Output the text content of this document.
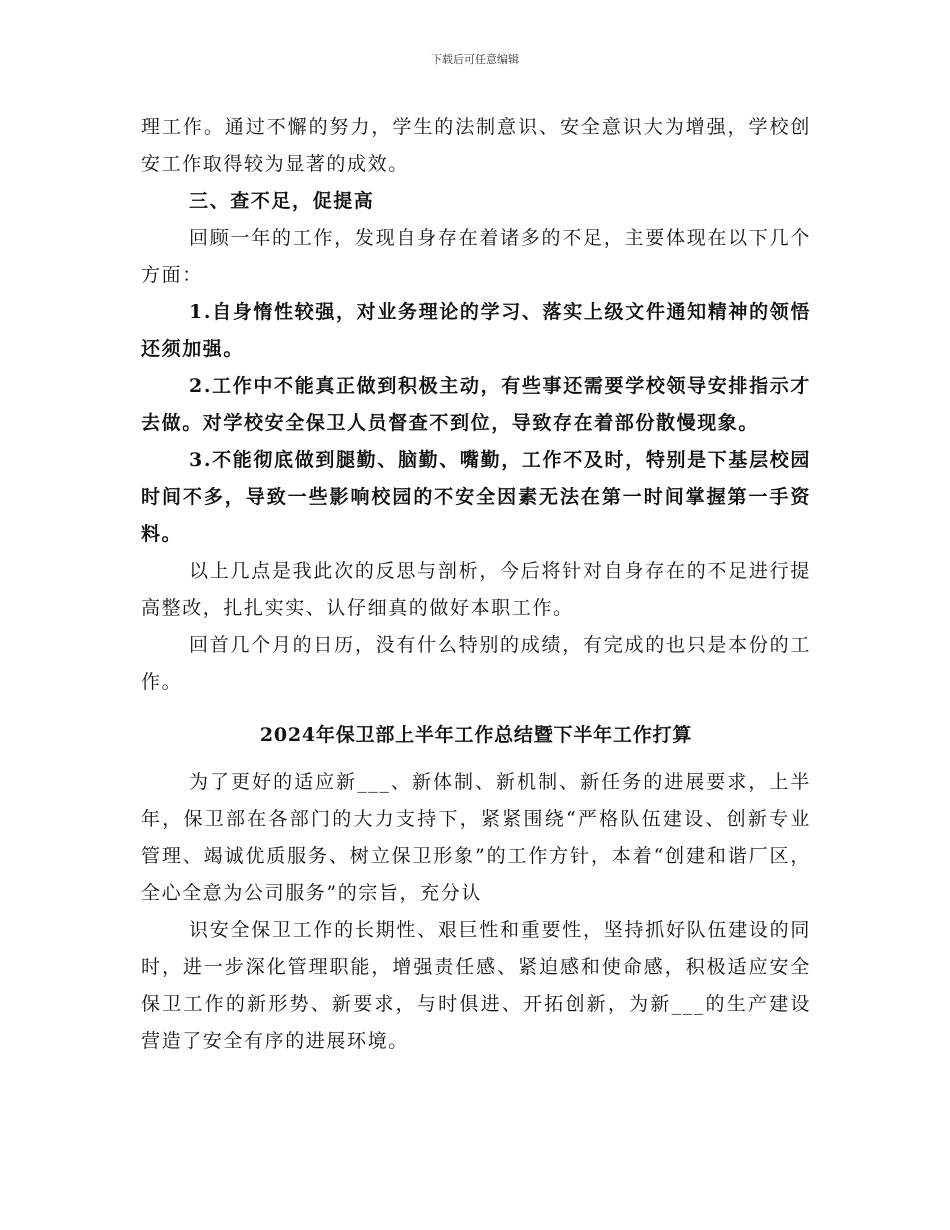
下载后可任意编辑

理工作。通过不懈的努力，学生的法制意识、安全意识大为增强，学校创安工作取得较为显著的成效。

三、查不足，促提高

回顾一年的工作，发现自身存在着诸多的不足，主要体现在以下几个方面：

1.自身惰性较强，对业务理论的学习、落实上级文件通知精神的领悟还须加强。

2.工作中不能真正做到积极主动，有些事还需要学校领导安排指示才去做。对学校安全保卫人员督查不到位，导致存在着部份散慢现象。

3.不能彻底做到腿勤、脑勤、嘴勤，工作不及时，特别是下基层校园时间不多，导致一些影响校园的不安全因素无法在第一时间掌握第一手资料。

以上几点是我此次的反思与剖析，今后将针对自身存在的不足进行提高整改，扎扎实实、认仔细真的做好本职工作。

回首几个月的日历，没有什么特别的成绩，有完成的也只是本份的工作。

2024年保卫部上半年工作总结暨下半年工作打算

为了更好的适应新___、新体制、新机制、新任务的进展要求，上半年，保卫部在各部门的大力支持下，紧紧围绕“严格队伍建设、创新专业管理、竭诚优质服务、树立保卫形象”的工作方针，本着“创建和谐厂区，全心全意为公司服务”的宗旨，充分认

识安全保卫工作的长期性、艰巨性和重要性，坚持抓好队伍建设的同时，进一步深化管理职能，增强责任感、紧迫感和使命感，积极适应安全保卫工作的新形势、新要求，与时俱进、开拓创新，为新___的生产建设营造了安全有序的进展环境。
